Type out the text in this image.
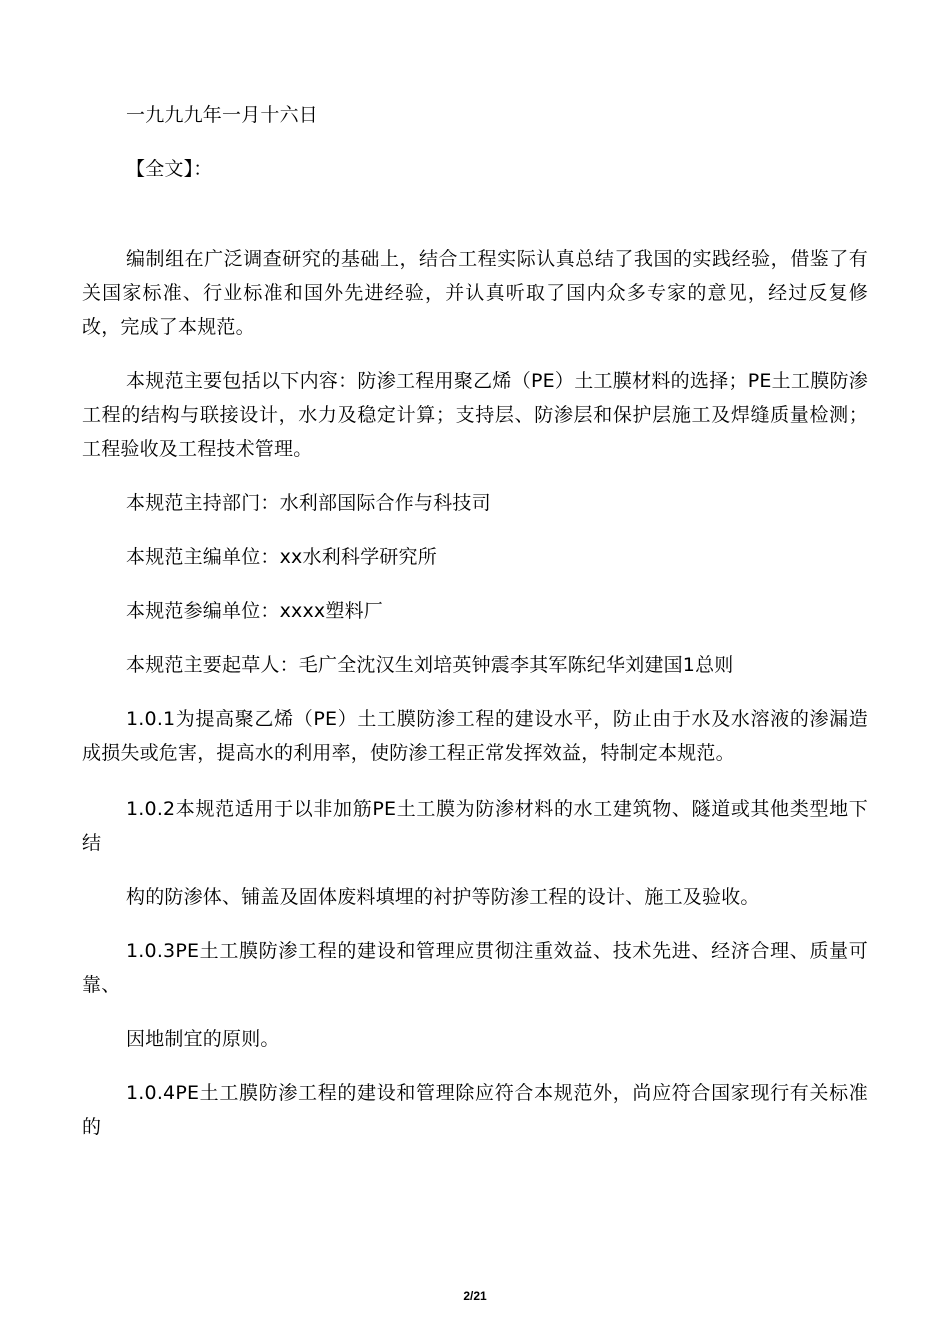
一九九九年一月十六日

【全文】：

编制组在广泛调查研究的基础上，结合工程实际认真总结了我国的实践经验，借鉴了有关国家标准、行业标准和国外先进经验，并认真听取了国内众多专家的意见，经过反复修改，完成了本规范。

本规范主要包括以下内容：防渗工程用聚乙烯（PE）土工膜材料的选择；PE土工膜防渗工程的结构与联接设计，水力及稳定计算；支持层、防渗层和保护层施工及焊缝质量检测；工程验收及工程技术管理。

本规范主持部门：水利部国际合作与科技司

本规范主编单位：xx水利科学研究所

本规范参编单位：xxxx塑料厂

本规范主要起草人：毛广全沈汉生刘培英钟震李其军陈纪华刘建国1总则

1.0.1为提高聚乙烯（PE）土工膜防渗工程的建设水平，防止由于水及水溶液的渗漏造成损失或危害，提高水的利用率，使防渗工程正常发挥效益，特制定本规范。

1.0.2本规范适用于以非加筋PE土工膜为防渗材料的水工建筑物、隧道或其他类型地下结

构的防渗体、铺盖及固体废料填埋的衬护等防渗工程的设计、施工及验收。

1.0.3PE土工膜防渗工程的建设和管理应贯彻注重效益、技术先进、经济合理、质量可靠、

因地制宜的原则。

1.0.4PE土工膜防渗工程的建设和管理除应符合本规范外，尚应符合国家现行有关标准的

2/21
